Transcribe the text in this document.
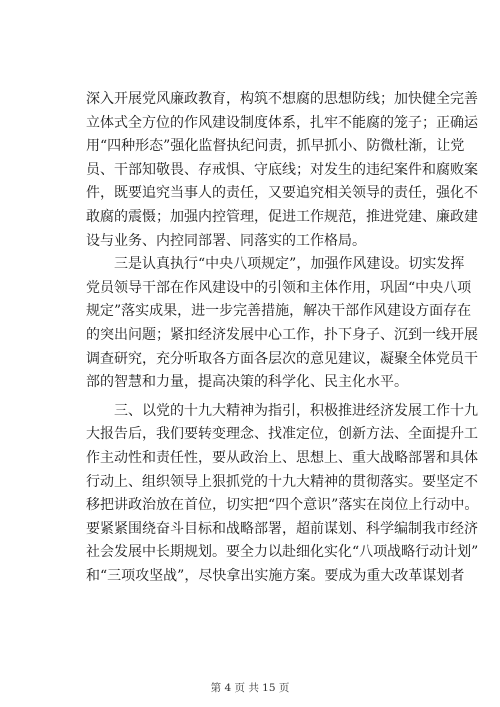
深入开展党风廉政教育，构筑不想腐的思想防线；加快健全完善
立体式全方位的作风建设制度体系，扎牢不能腐的笼子；正确运
用“四种形态”强化监督执纪问责，抓早抓小、防微杜渐，让党
员、干部知敬畏、存戒惧、守底线；对发生的违纪案件和腐败案
件，既要追究当事人的责任，又要追究相关领导的责任，强化不
敢腐的震慑；加强内控管理，促进工作规范，推进党建、廉政建
设与业务、内控同部署、同落实的工作格局。
　　三是认真执行“中央八项规定”，加强作风建设。切实发挥
党员领导干部在作风建设中的引领和主体作用，巩固“中央八项
规定”落实成果，进一步完善措施，解决干部作风建设方面存在
的突出问题；紧扣经济发展中心工作，扑下身子、沉到一线开展
调查研究，充分听取各方面各层次的意见建议，凝聚全体党员干
部的智慧和力量，提高决策的科学化、民主化水平。
　　三、以党的十九大精神为指引，积极推进经济发展工作十九
大报告后，我们要转变理念、找准定位，创新方法、全面提升工
作主动性和责任性，要从政治上、思想上、重大战略部署和具体
行动上、组织领导上狠抓党的十九大精神的贯彻落实。要坚定不
移把讲政治放在首位，切实把“四个意识”落实在岗位上行动中。
要紧紧围绕奋斗目标和战略部署，超前谋划、科学编制我市经济
社会发展中长期规划。要全力以赴细化实化“八项战略行动计划”
和“三项攻坚战”，尽快拿出实施方案。要成为重大改革谋划者
第 4 页 共 15 页
